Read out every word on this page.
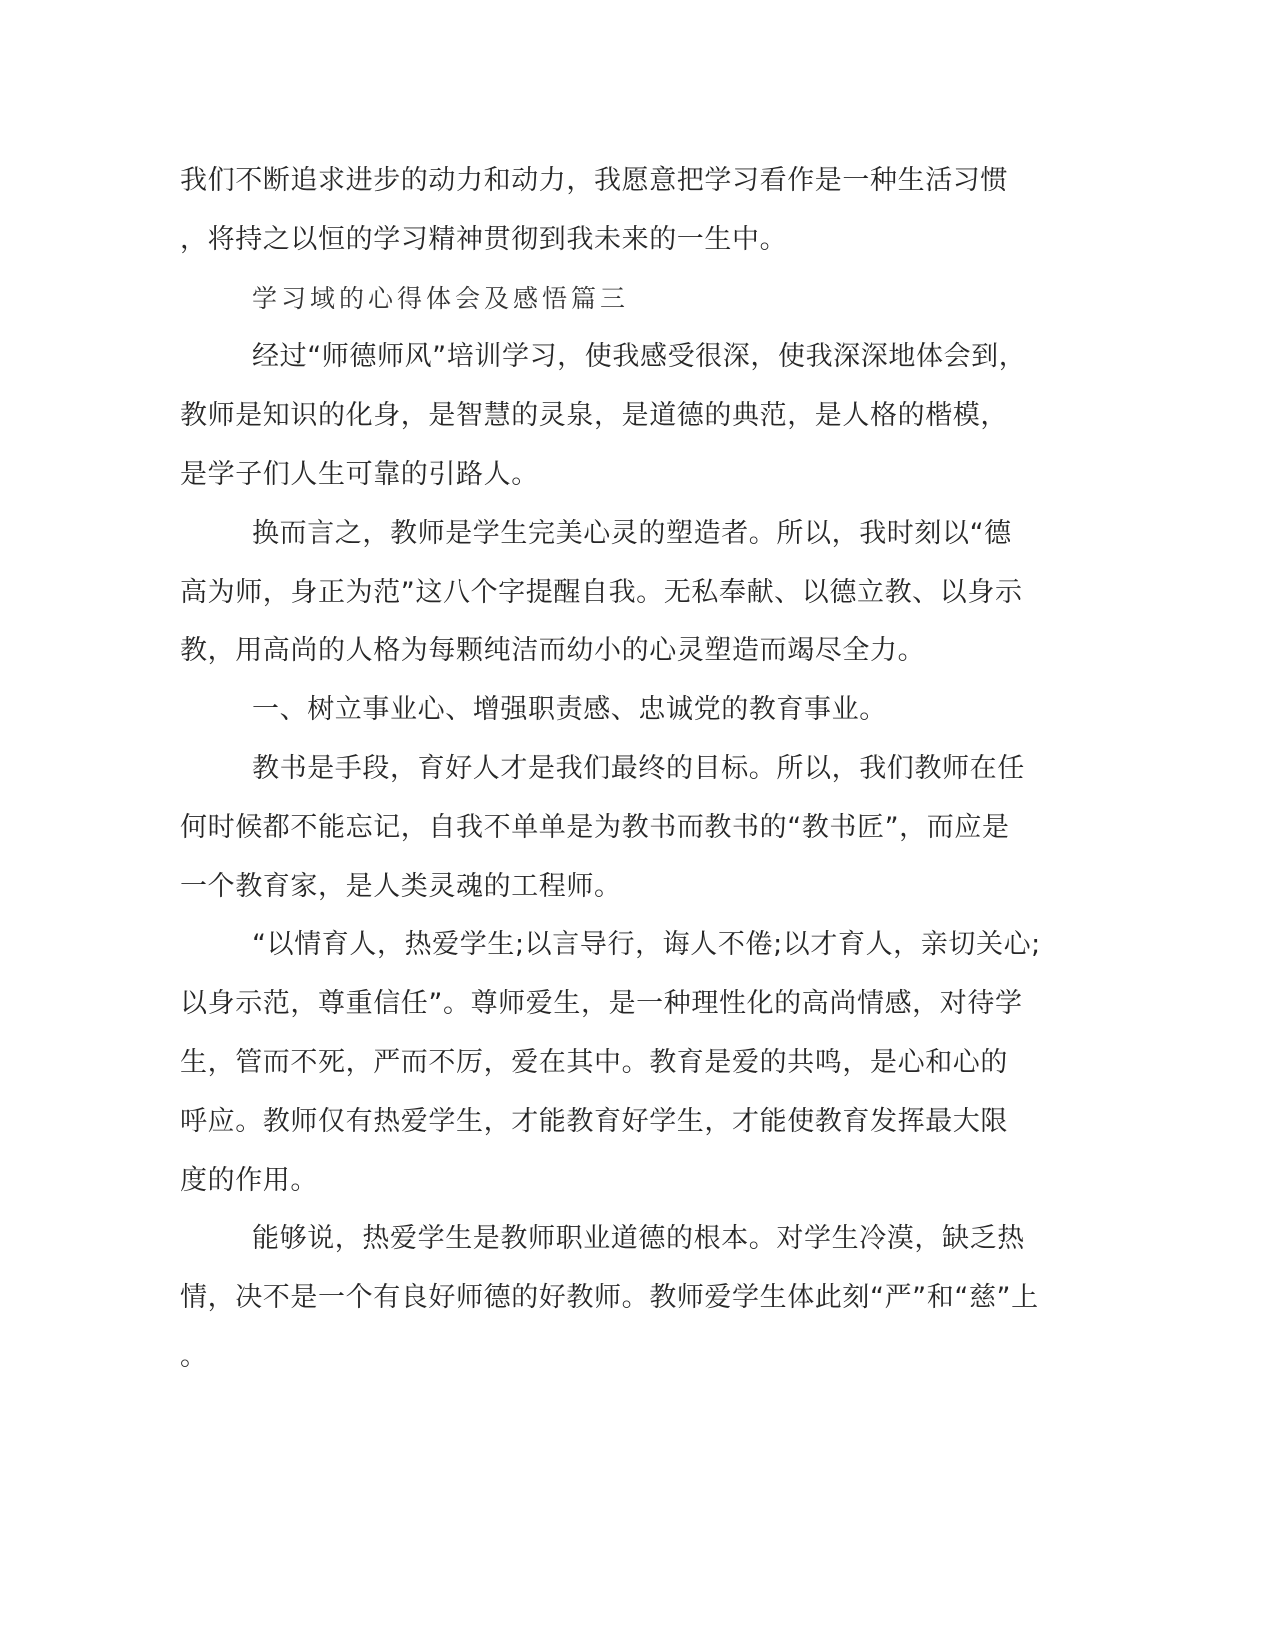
我们不断追求进步的动力和动力，我愿意把学习看作是一种生活习惯
，将持之以恒的学习精神贯彻到我未来的一生中。
学习域的心得体会及感悟篇三
经过“师德师风”培训学习，使我感受很深，使我深深地体会到，
教师是知识的化身，是智慧的灵泉，是道德的典范，是人格的楷模，
是学子们人生可靠的引路人。
换而言之，教师是学生完美心灵的塑造者。所以，我时刻以“德
高为师，身正为范”这八个字提醒自我。无私奉献、以德立教、以身示
教，用高尚的人格为每颗纯洁而幼小的心灵塑造而竭尽全力。
一、树立事业心、增强职责感、忠诚党的教育事业。
教书是手段，育好人才是我们最终的目标。所以，我们教师在任
何时候都不能忘记，自我不单单是为教书而教书的“教书匠”，而应是
一个教育家，是人类灵魂的工程师。
“以情育人，热爱学生;以言导行，诲人不倦;以才育人，亲切关心;
以身示范，尊重信任”。尊师爱生，是一种理性化的高尚情感，对待学
生，管而不死，严而不厉，爱在其中。教育是爱的共鸣，是心和心的
呼应。教师仅有热爱学生，才能教育好学生，才能使教育发挥最大限
度的作用。
能够说，热爱学生是教师职业道德的根本。对学生冷漠，缺乏热
情，决不是一个有良好师德的好教师。教师爱学生体此刻“严”和“慈”上
。
